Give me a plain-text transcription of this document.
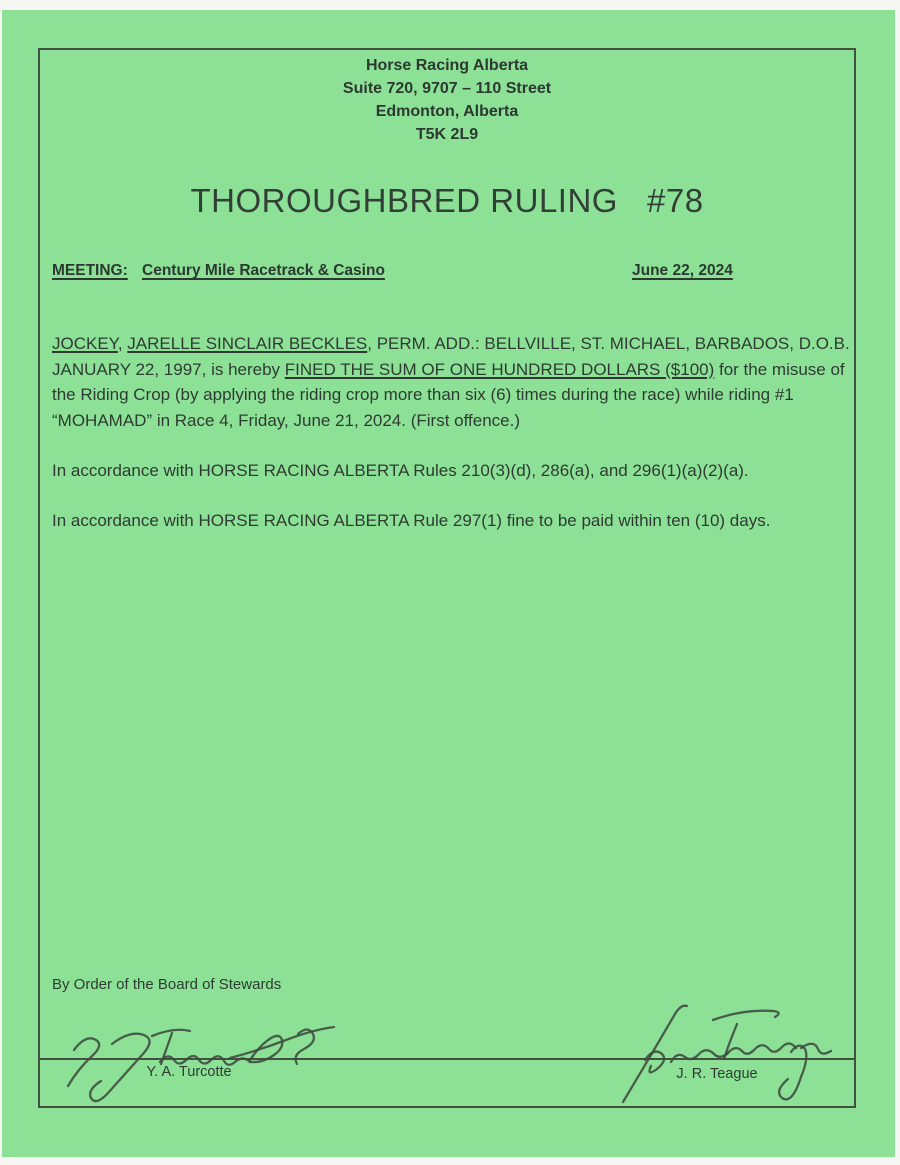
Horse Racing Alberta
Suite 720, 9707 – 110 Street
Edmonton, Alberta
T5K 2L9
THOROUGHBRED RULING   #78
MEETING: Century Mile Racetrack & Casino	June 22, 2024

JOCKEY, JARELLE SINCLAIR BECKLES, PERM. ADD.: BELLVILLE, ST. MICHAEL, BARBADOS, D.O.B. JANUARY 22, 1997, is hereby FINED THE SUM OF ONE HUNDRED DOLLARS ($100) for the misuse of the Riding Crop (by applying the riding crop more than six (6) times during the race) while riding #1 “MOHAMAD” in Race 4, Friday, June 21, 2024. (First offence.)

In accordance with HORSE RACING ALBERTA Rules 210(3)(d), 286(a), and 296(1)(a)(2)(a).

In accordance with HORSE RACING ALBERTA Rule 297(1) fine to be paid within ten (10) days.

By Order of the Board of Stewards
Y. A. Turcotte	J. R. Teague
